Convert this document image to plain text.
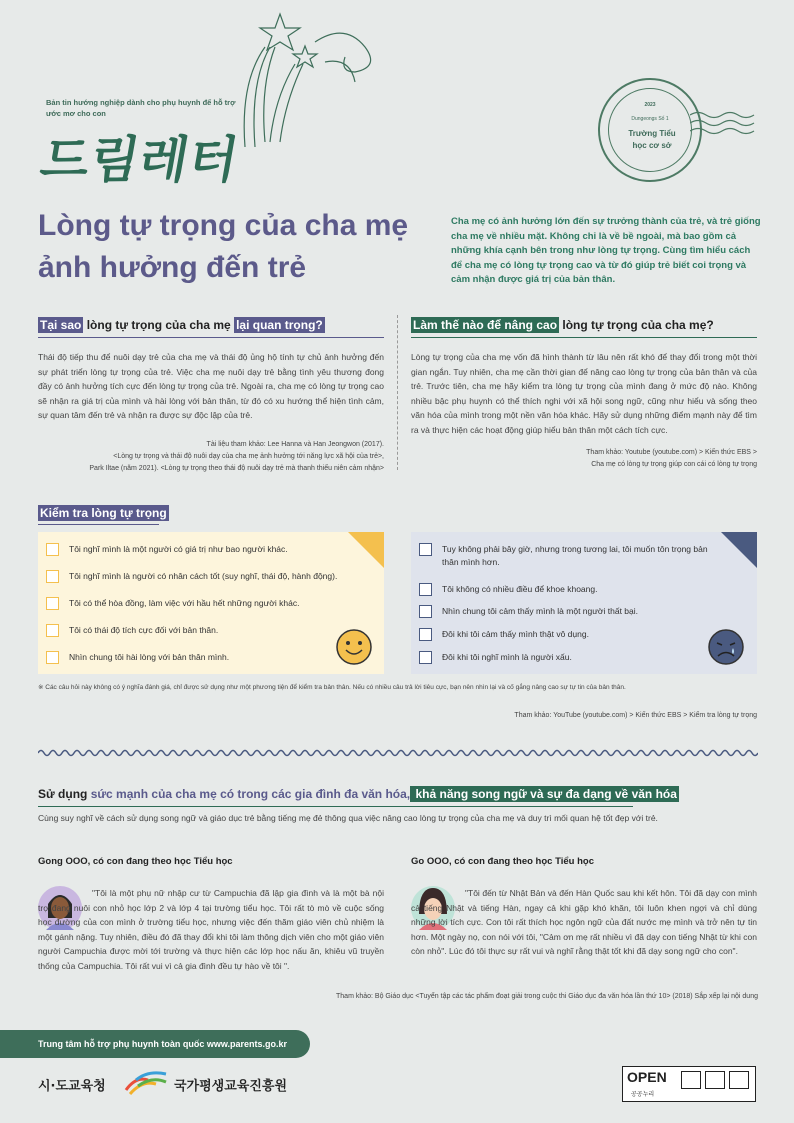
Bản tin hướng nghiệp dành cho phụ huynh để hỗ trợ ước mơ cho con
드림레터
2023
Dungeongs Số 1
Trường Tiểu học cơ sở
Lòng tự trọng của cha mẹ ảnh hưởng đến trẻ
Cha mẹ có ảnh hưởng lớn đến sự trưởng thành của trẻ, và trẻ giống cha mẹ về nhiều mặt. Không chỉ là về bề ngoài, mà bao gồm cả những khía cạnh bên trong như lòng tự trọng. Cùng tìm hiểu cách để cha mẹ có lòng tự trọng cao và từ đó giúp trẻ biết coi trọng và cảm nhận được giá trị của bản thân.
Tại sao lòng tự trọng của cha mẹ lại quan trọng?
Thái độ tiếp thu để nuôi dạy trẻ của cha mẹ và thái độ ủng hộ tính tự chủ ảnh hưởng đến sự phát triển lòng tự trọng của trẻ. Việc cha mẹ nuôi dạy trẻ bằng tình yêu thương đong đầy có ảnh hưởng tích cực đến lòng tự trọng của trẻ. Ngoài ra, cha mẹ có lòng tự trọng cao sẽ nhận ra giá trị của mình và hài lòng với bản thân, từ đó có xu hướng thể hiện tình cảm, sự quan tâm đến trẻ và nhận ra được sự độc lập của trẻ.
Tài liệu tham khảo: Lee Hanna và Han Jeongwon (2017).
<Lòng tự trọng và thái độ nuôi dạy của cha mẹ ảnh hưởng tới năng lực xã hội của trẻ>,
Park Iltae (năm 2021). <Lòng tự trọng theo thái độ nuôi dạy trẻ mà thanh thiếu niên cảm nhận>
Làm thế nào để nâng cao lòng tự trọng của cha mẹ?
Lòng tự trọng của cha mẹ vốn đã hình thành từ lâu nên rất khó để thay đổi trong một thời gian ngắn. Tuy nhiên, cha mẹ cần thời gian để nâng cao lòng tự trọng của bản thân và của trẻ. Trước tiên, cha mẹ hãy kiểm tra lòng tự trọng của mình đang ở mức độ nào. Không nhiều bậc phụ huynh có thể thích nghi với xã hội song ngữ, cũng như hiểu và sống theo văn hóa của mình trong một nền văn hóa khác. Hãy sử dụng những điểm mạnh này để tìm ra và thực hiện các hoạt động giúp hiểu bản thân một cách tích cực.
Tham khảo: Youtube (youtube.com) > Kiến thức EBS >
Cha mẹ có lòng tự trọng giúp con cái có lòng tự trọng
Kiểm tra lòng tự trọng
Tôi nghĩ mình là một người có giá trị như bao người khác.
Tôi nghĩ mình là người có nhân cách tốt (suy nghĩ, thái độ, hành động).
Tôi có thể hòa đồng, làm việc với hầu hết những người khác.
Tôi có thái độ tích cực đối với bản thân.
Nhìn chung tôi hài lòng với bản thân mình.
Tuy không phải bây giờ, nhưng trong tương lai, tôi muốn tôn trọng bản thân mình hơn.
Tôi không có nhiều điều để khoe khoang.
Nhìn chung tôi cảm thấy mình là một người thất bại.
Đôi khi tôi cảm thấy mình thật vô dụng.
Đôi khi tôi nghĩ mình là người xấu.
※ Các câu hỏi này không có ý nghĩa đánh giá, chỉ được sử dụng như một phương tiện để kiểm tra bản thân. Nếu có nhiều câu trả lời tiêu cực, bạn nên nhìn lại và cố gắng nâng cao sự tự tin của bản thân.
Tham khảo: YouTube (youtube.com) > Kiến thức EBS > Kiểm tra lòng tự trọng
Sử dụng sức mạnh của cha mẹ có trong các gia đình đa văn hóa, khả năng song ngữ và sự đa dạng về văn hóa
Cùng suy nghĩ về cách sử dụng song ngữ và giáo dục trẻ bằng tiếng mẹ đẻ thông qua việc nâng cao lòng tự trọng của cha mẹ và duy trì mối quan hệ tốt đẹp với trẻ.
Gong OOO, có con đang theo học Tiểu học
"Tôi là một phụ nữ nhập cư từ Campuchia đã lập gia đình và là một bà nội trợ đang nuôi con nhỏ học lớp 2 và lớp 4 tại trường tiểu học. Tôi rất tò mò về cuộc sống học đường của con mình ở trường tiểu học, nhưng việc đến thăm giáo viên chủ nhiệm là một gánh nặng. Tuy nhiên, điều đó đã thay đổi khi tôi làm thông dịch viên cho một giáo viên người Campuchia được mời tới trường và thực hiện các lớp học nấu ăn, khiêu vũ truyền thống của Campuchia. Tôi rất vui vì cả gia đình đều tự hào về tôi ".
Go OOO, có con đang theo học Tiểu học
"Tôi đến từ Nhật Bản và đến Hàn Quốc sau khi kết hôn. Tôi đã dạy con mình cả tiếng Nhật và tiếng Hàn, ngay cả khi gặp khó khăn, tôi luôn khen ngợi và chỉ dùng những lời tích cực. Con tôi rất thích học ngôn ngữ của đất nước mẹ mình và trở nên tự tin hơn. Một ngày nọ, con nói với tôi, "Cảm ơn mẹ rất nhiều vì đã dạy con tiếng Nhật từ khi con còn nhỏ". Lúc đó tôi thực sự rất vui và nghĩ rằng thật tốt khi đã dạy song ngữ cho con".
Tham khảo: Bộ Giáo dục <Tuyển tập các tác phẩm đoạt giải trong cuộc thi Giáo dục đa văn hóa lần thứ 10> (2018) Sắp xếp lại nội dung
Trung tâm hỗ trợ phụ huynh toàn quốc www.parents.go.kr
시·도교육청	국가평생교육진흥원
OPEN
공공누리
